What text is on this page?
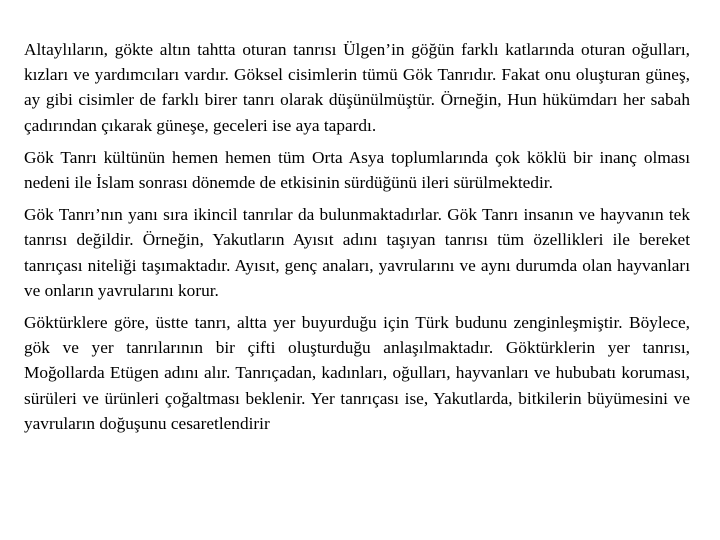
Altaylıların, gökte altın tahtta oturan tanrısı Ülgen’in göğün farklı katlarında oturan oğulları, kızları ve yardımcıları vardır. Göksel cisimlerin tümü Gök Tanrıdır. Fakat onu oluşturan güneş, ay gibi cisimler de farklı birer tanrı olarak düşünülmüştür. Örneğin, Hun hükümdarı her sabah çadırından çıkarak güneşe, geceleri ise aya tapardı.

Gök Tanrı kültünün hemen hemen tüm Orta Asya toplumlarında çok köklü bir inanç olması nedeni ile İslam sonrası dönemde de etkisinin sürdüğünü ileri sürülmektedir.

Gök Tanrı’nın yanı sıra ikincil tanrılar da bulunmaktadırlar. Gök Tanrı insanın ve hayvanın tek tanrısı değildir. Örneğin, Yakutların Ayısıt adını taşıyan tanrısı tüm özellikleri ile bereket tanrıçası niteliği taşımaktadır. Ayısıt, genç anaları, yavrularını ve aynı durumda olan hayvanları ve onların yavrularını korur.

Göktürklere göre, üstte tanrı, altta yer buyurduğu için Türk budunu zenginleşmiştir. Böylece, gök ve yer tanrılarının bir çifti oluşturduğu anlaşılmaktadır. Göktürklerin yer tanrısı, Moğollarda Etügen adını alır. Tanrıçadan, kadınları, oğulları, hayvanları ve hububatı koruması, sürüleri ve ürünleri çoğaltması beklenir. Yer tanrıçası ise, Yakutlarda, bitkilerin büyümesini ve yavruların doğuşunu cesaretlendirir
